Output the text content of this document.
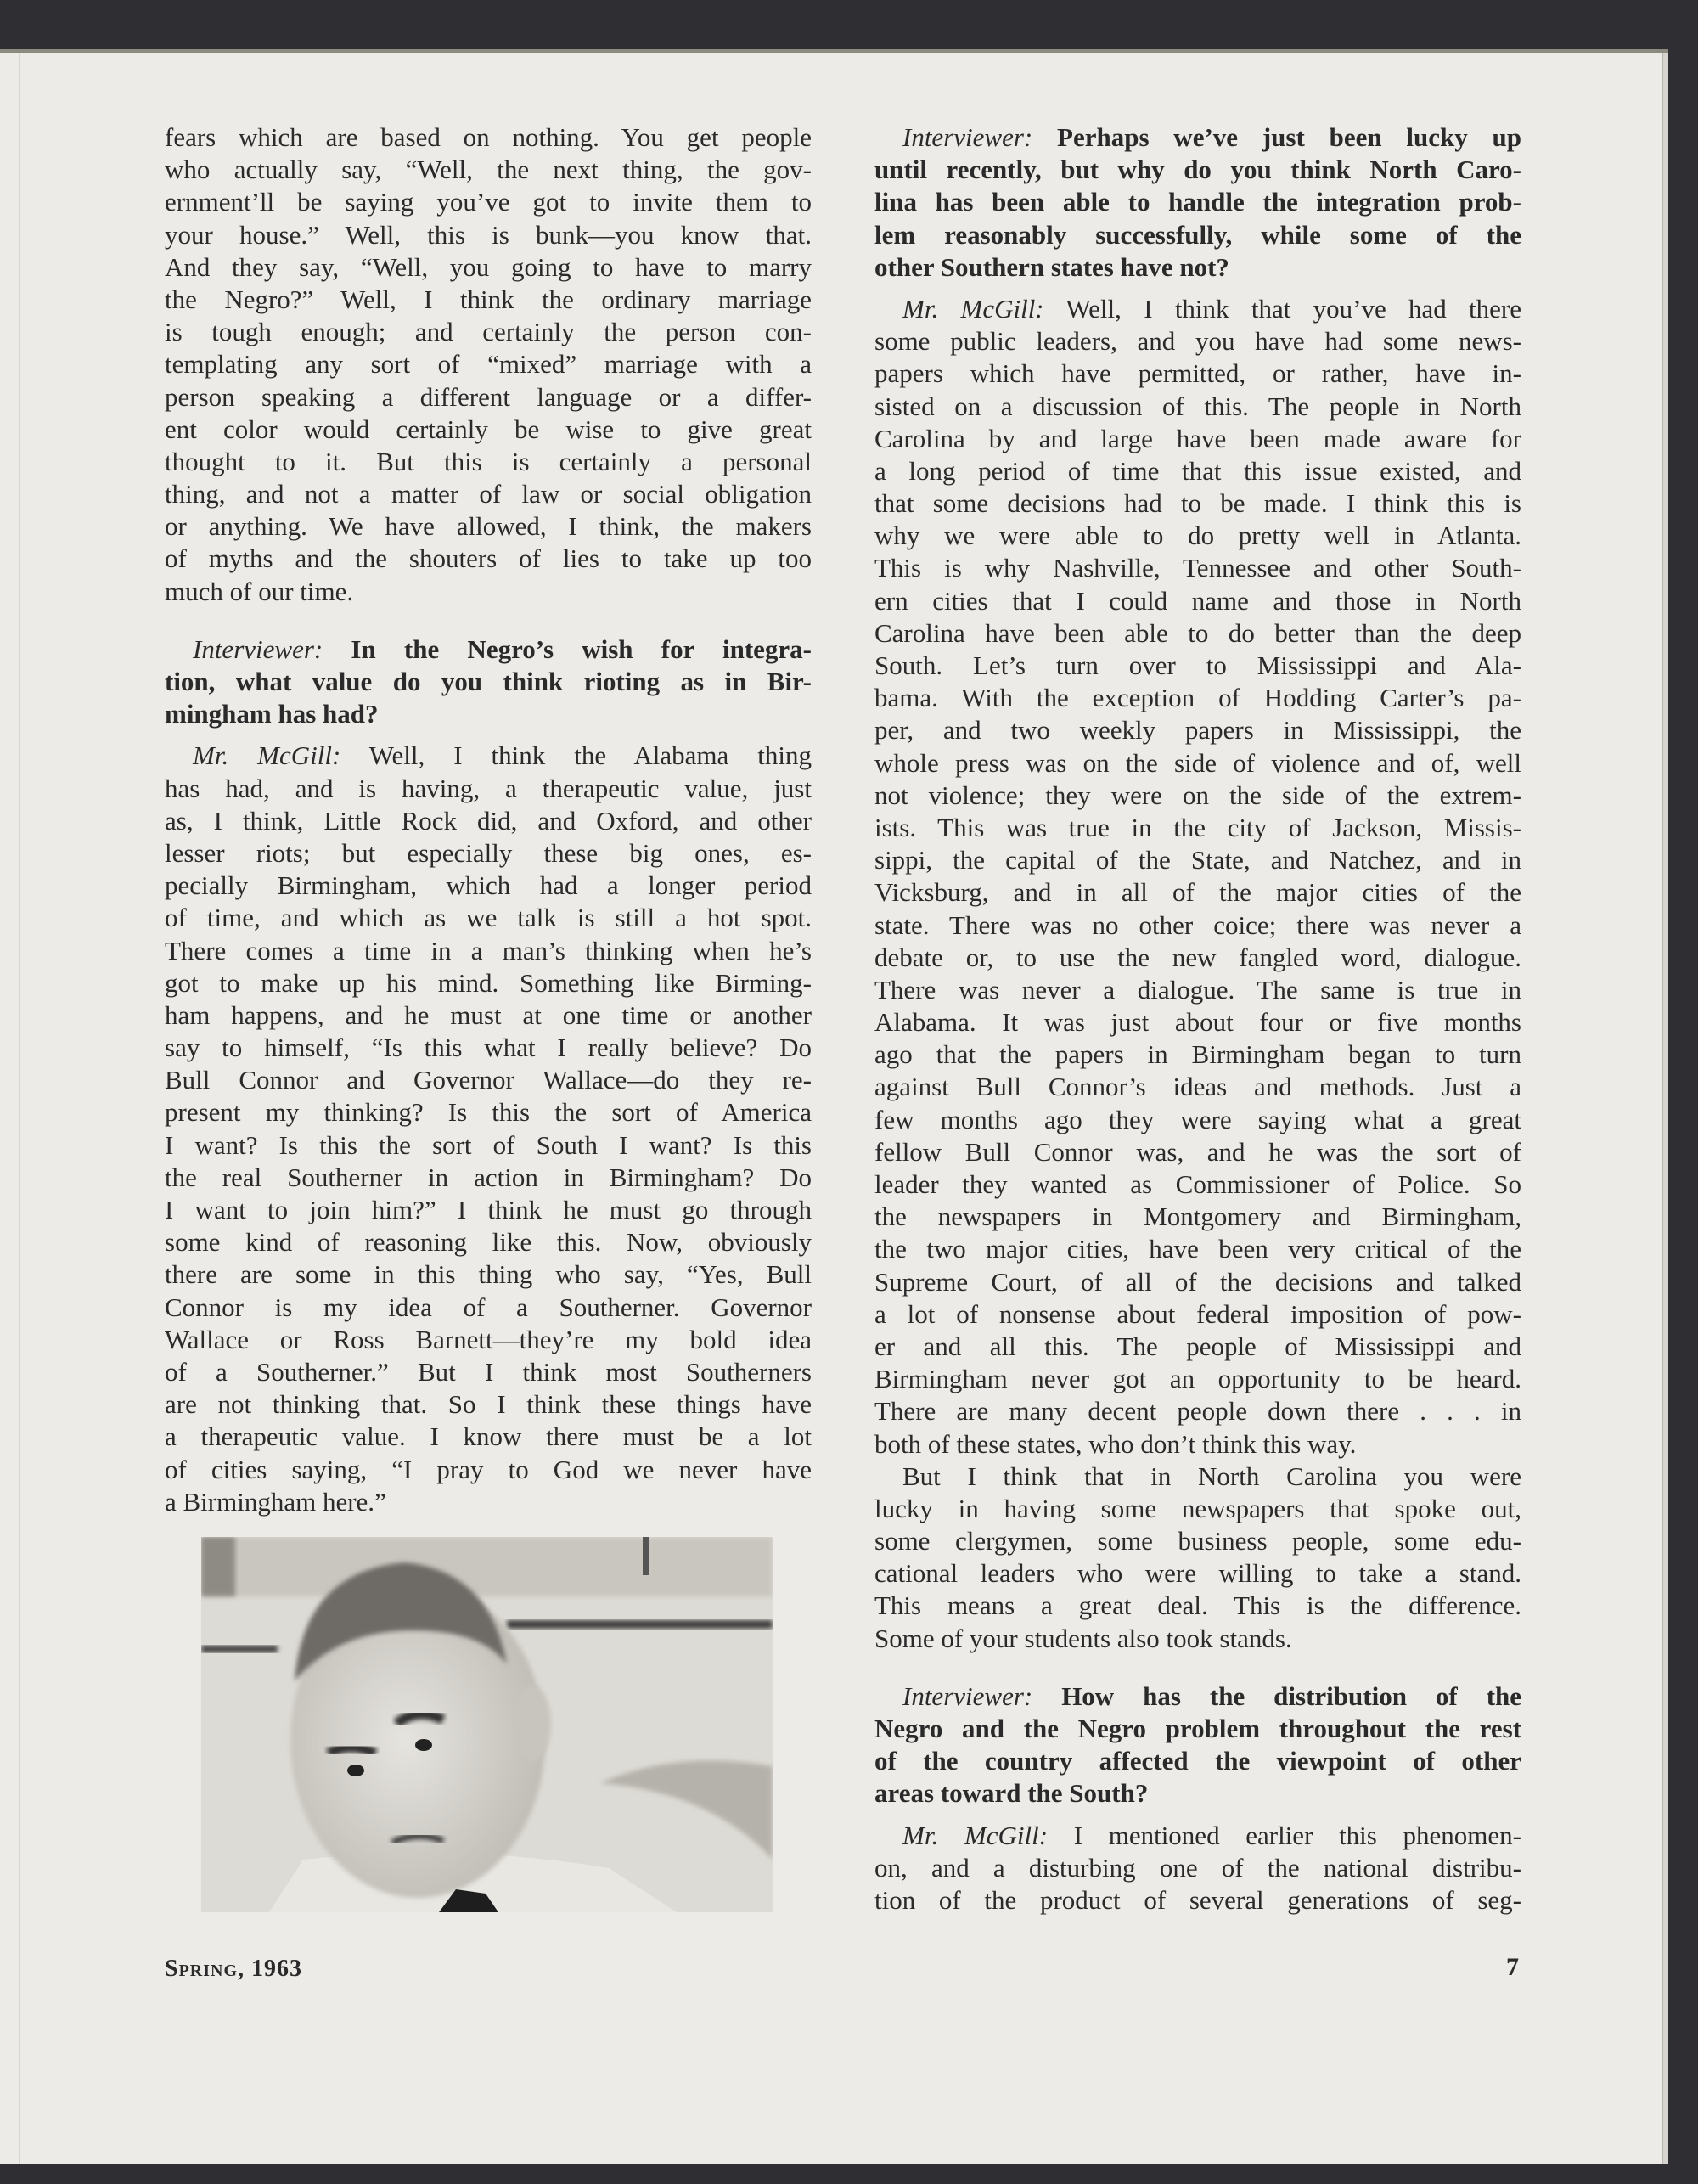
fears which are based on nothing. You get people
who actually say, “Well, the next thing, the gov-
ernment’ll be saying you’ve got to invite them to
your house.” Well, this is bunk—you know that.
And they say, “Well, you going to have to marry
the Negro?” Well, I think the ordinary marriage
is tough enough; and certainly the person con-
templating any sort of “mixed” marriage with a
person speaking a different language or a differ-
ent color would certainly be wise to give great
thought to it. But this is certainly a personal
thing, and not a matter of law or social obligation
or anything. We have allowed, I think, the makers
of myths and the shouters of lies to take up too
much of our time.
Interviewer: In the Negro’s wish for integra-
tion, what value do you think rioting as in Bir-
mingham has had?
Mr. McGill: Well, I think the Alabama thing
has had, and is having, a therapeutic value, just
as, I think, Little Rock did, and Oxford, and other
lesser riots; but especially these big ones, es-
pecially Birmingham, which had a longer period
of time, and which as we talk is still a hot spot.
There comes a time in a man’s thinking when he’s
got to make up his mind. Something like Birming-
ham happens, and he must at one time or another
say to himself, “Is this what I really believe? Do
Bull Connor and Governor Wallace—do they re-
present my thinking? Is this the sort of America
I want? Is this the sort of South I want? Is this
the real Southerner in action in Birmingham? Do
I want to join him?” I think he must go through
some kind of reasoning like this. Now, obviously
there are some in this thing who say, “Yes, Bull
Connor is my idea of a Southerner. Governor
Wallace or Ross Barnett—they’re my bold idea
of a Southerner.” But I think most Southerners
are not thinking that. So I think these things have
a therapeutic value. I know there must be a lot
of cities saying, “I pray to God we never have
a Birmingham here.”
Interviewer: Perhaps we’ve just been lucky up
until recently, but why do you think North Caro-
lina has been able to handle the integration prob-
lem reasonably successfully, while some of the
other Southern states have not?
Mr. McGill: Well, I think that you’ve had there
some public leaders, and you have had some news-
papers which have permitted, or rather, have in-
sisted on a discussion of this. The people in North
Carolina by and large have been made aware for
a long period of time that this issue existed, and
that some decisions had to be made. I think this is
why we were able to do pretty well in Atlanta.
This is why Nashville, Tennessee and other South-
ern cities that I could name and those in North
Carolina have been able to do better than the deep
South. Let’s turn over to Mississippi and Ala-
bama. With the exception of Hodding Carter’s pa-
per, and two weekly papers in Mississippi, the
whole press was on the side of violence and of, well
not violence; they were on the side of the extrem-
ists. This was true in the city of Jackson, Missis-
sippi, the capital of the State, and Natchez, and in
Vicksburg, and in all of the major cities of the
state. There was no other coice; there was never a
debate or, to use the new fangled word, dialogue.
There was never a dialogue. The same is true in
Alabama. It was just about four or five months
ago that the papers in Birmingham began to turn
against Bull Connor’s ideas and methods. Just a
few months ago they were saying what a great
fellow Bull Connor was, and he was the sort of
leader they wanted as Commissioner of Police. So
the newspapers in Montgomery and Birmingham,
the two major cities, have been very critical of the
Supreme Court, of all of the decisions and talked
a lot of nonsense about federal imposition of pow-
er and all this. The people of Mississippi and
Birmingham never got an opportunity to be heard.
There are many decent people down there . . . in
both of these states, who don’t think this way.
But I think that in North Carolina you were
lucky in having some newspapers that spoke out,
some clergymen, some business people, some edu-
cational leaders who were willing to take a stand.
This means a great deal. This is the difference.
Some of your students also took stands.
Interviewer: How has the distribution of the
Negro and the Negro problem throughout the rest
of the country affected the viewpoint of other
areas toward the South?
Mr. McGill: I mentioned earlier this phenomen-
on, and a disturbing one of the national distribu-
tion of the product of several generations of seg-
Spring, 1963	7
